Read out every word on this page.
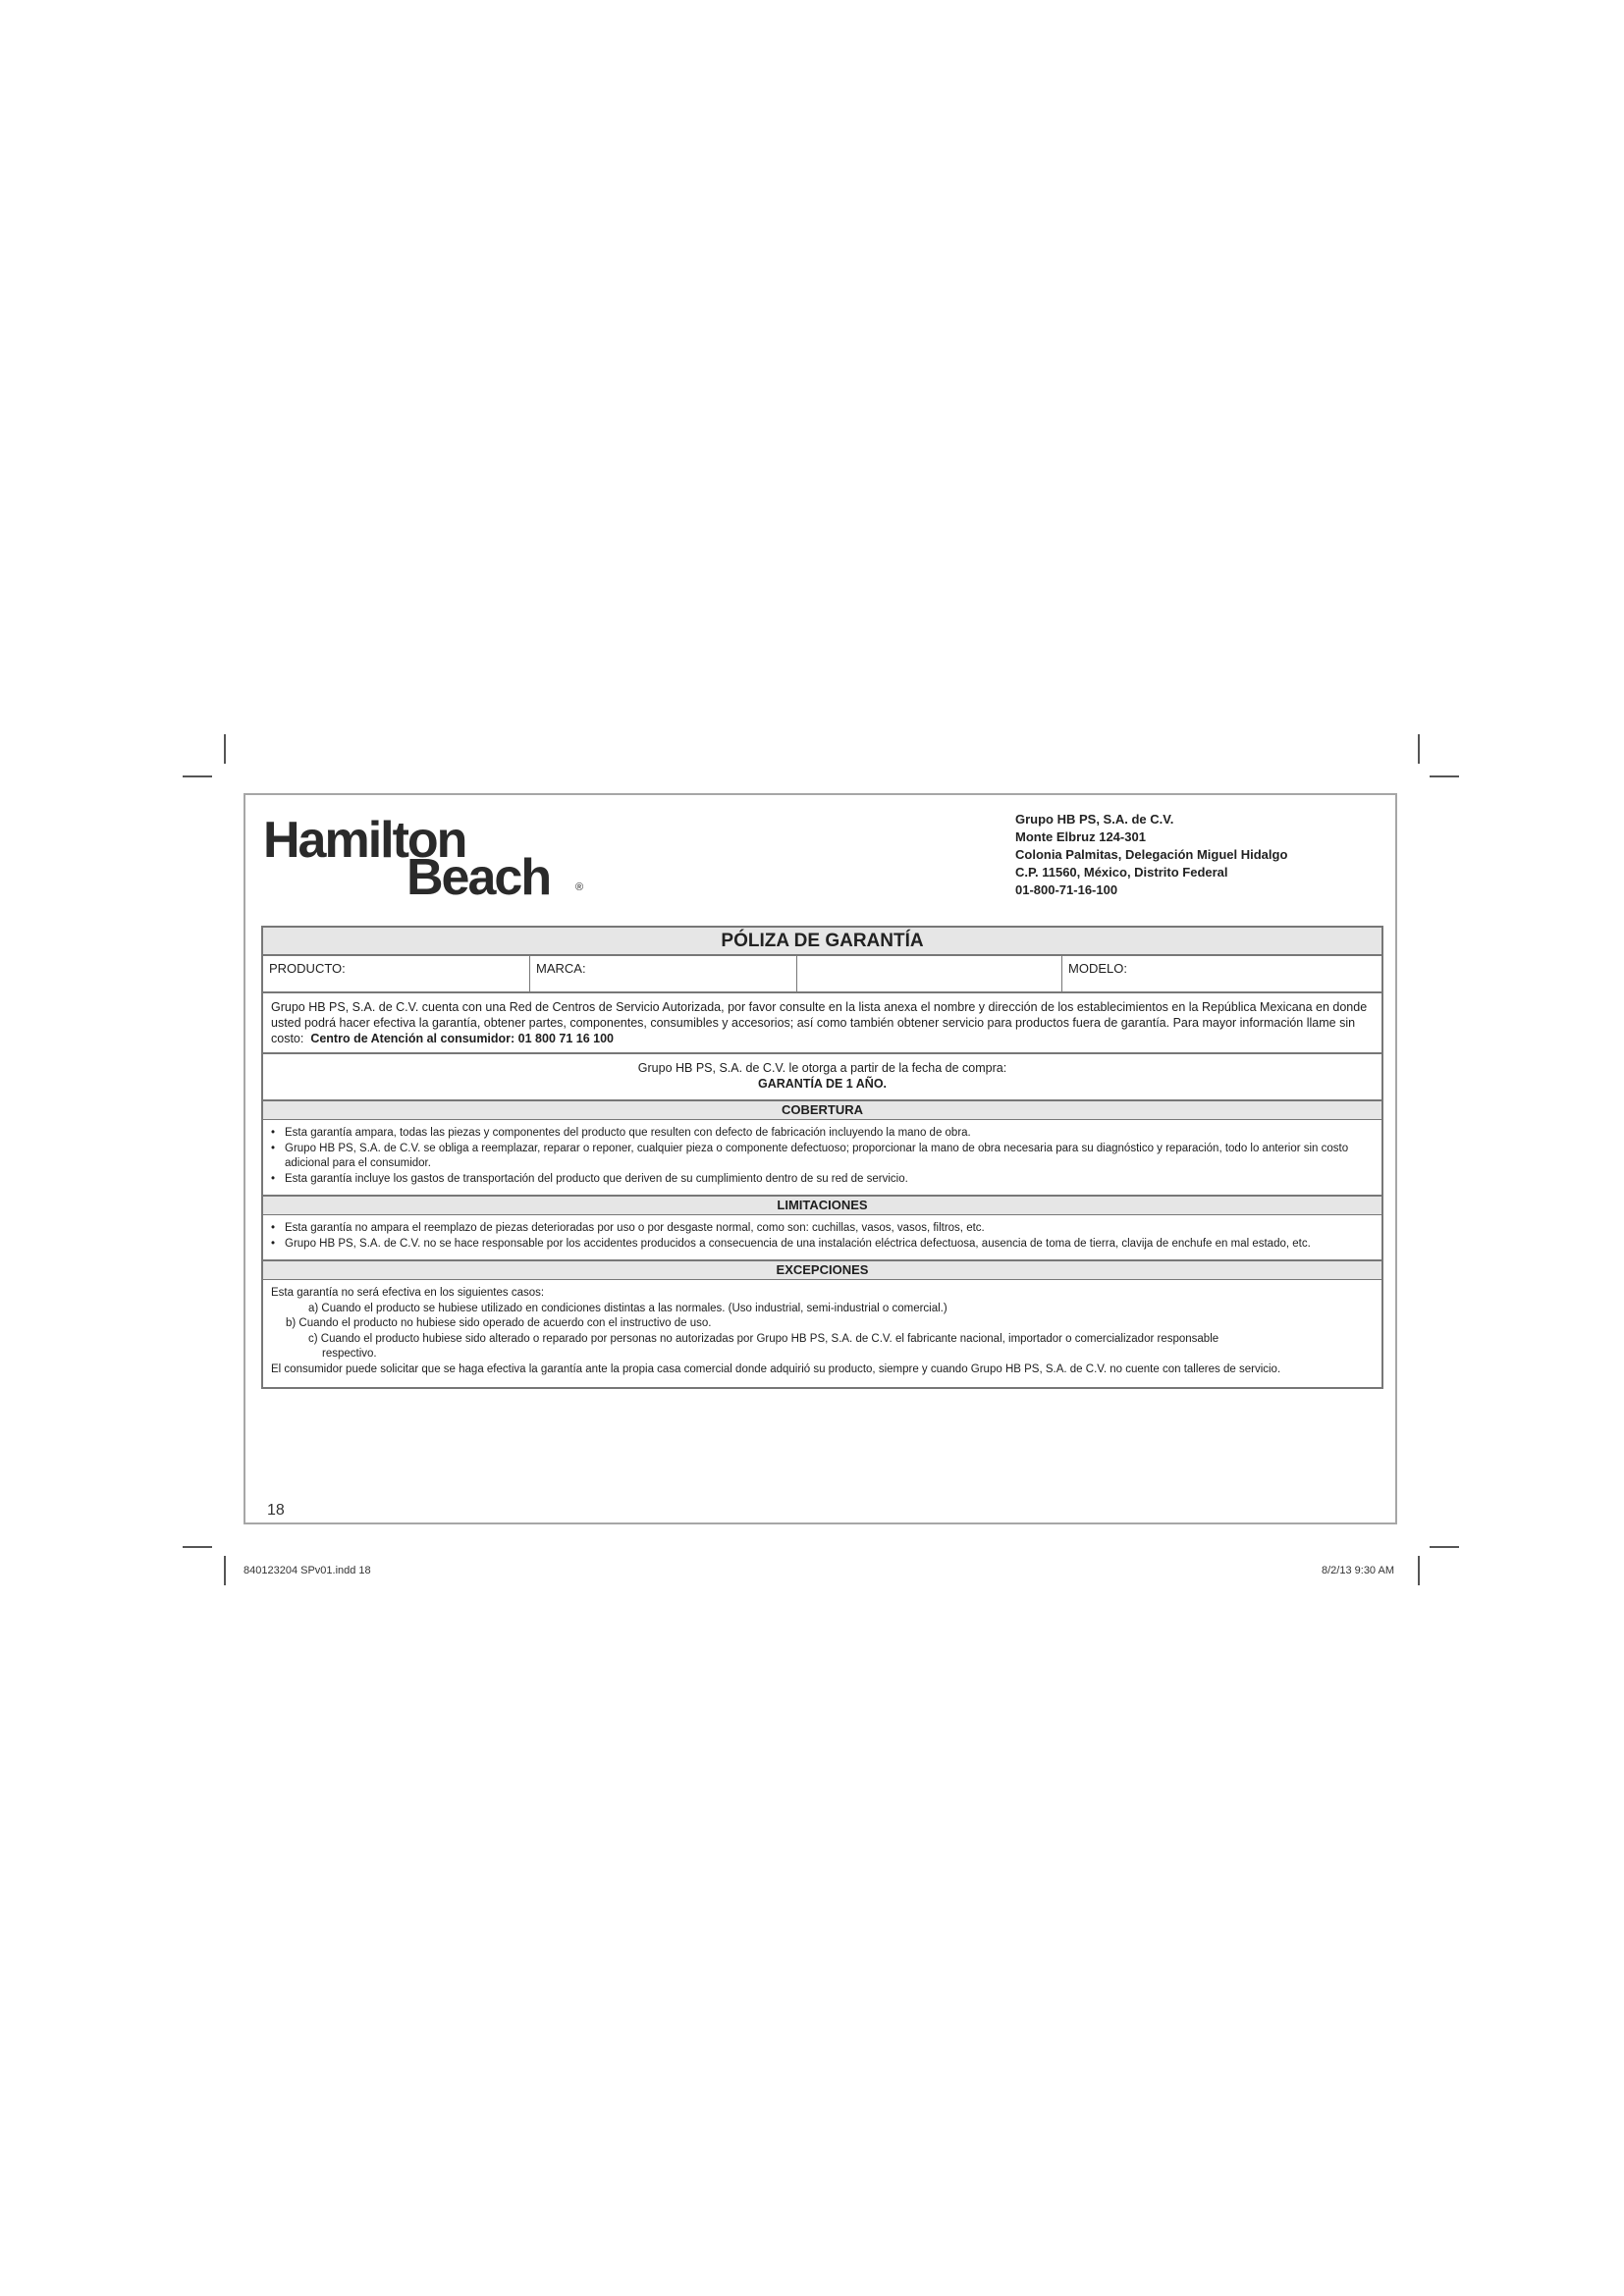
Hamilton
Beach ®
Grupo HB PS, S.A. de C.V.
Monte Elbruz 124-301
Colonia Palmitas, Delegación Miguel Hidalgo
C.P. 11560, México, Distrito Federal
01-800-71-16-100
PÓLIZA DE GARANTÍA
PRODUCTO:	MARCA:	MODELO:
Grupo HB PS, S.A. de C.V. cuenta con una Red de Centros de Servicio Autorizada, por favor consulte en la lista anexa el nombre y dirección de los establecimientos en la República Mexicana en donde usted podrá hacer efectiva la garantía, obtener partes, componentes, consumibles y accesorios; así como también obtener servicio para productos fuera de garantía. Para mayor información llame sin costo: Centro de Atención al consumidor: 01 800 71 16 100
Grupo HB PS, S.A. de C.V. le otorga a partir de la fecha de compra:
GARANTÍA DE 1 AÑO.
COBERTURA
• Esta garantía ampara, todas las piezas y componentes del producto que resulten con defecto de fabricación incluyendo la mano de obra.
• Grupo HB PS, S.A. de C.V. se obliga a reemplazar, reparar o reponer, cualquier pieza o componente defectuoso; proporcionar la mano de obra necesaria para su diagnóstico y reparación, todo lo anterior sin costo adicional para el consumidor.
• Esta garantía incluye los gastos de transportación del producto que deriven de su cumplimiento dentro de su red de servicio.
LIMITACIONES
• Esta garantía no ampara el reemplazo de piezas deterioradas por uso o por desgaste normal, como son: cuchillas, vasos, vasos, filtros, etc.
• Grupo HB PS, S.A. de C.V. no se hace responsable por los accidentes producidos a consecuencia de una instalación eléctrica defectuosa, ausencia de toma de tierra, clavija de enchufe en mal estado, etc.
EXCEPCIONES
Esta garantía no será efectiva en los siguientes casos:
a) Cuando el producto se hubiese utilizado en condiciones distintas a las normales. (Uso industrial, semi-industrial o comercial.)
b) Cuando el producto no hubiese sido operado de acuerdo con el instructivo de uso.
c) Cuando el producto hubiese sido alterado o reparado por personas no autorizadas por Grupo HB PS, S.A. de C.V. el fabricante nacional, importador o comercializador responsable
respectivo.
El consumidor puede solicitar que se haga efectiva la garantía ante la propia casa comercial donde adquirió su producto, siempre y cuando Grupo HB PS, S.A. de C.V. no cuente con talleres de servicio.
18
840123204 SPv01.indd 18	8/2/13 9:30 AM
